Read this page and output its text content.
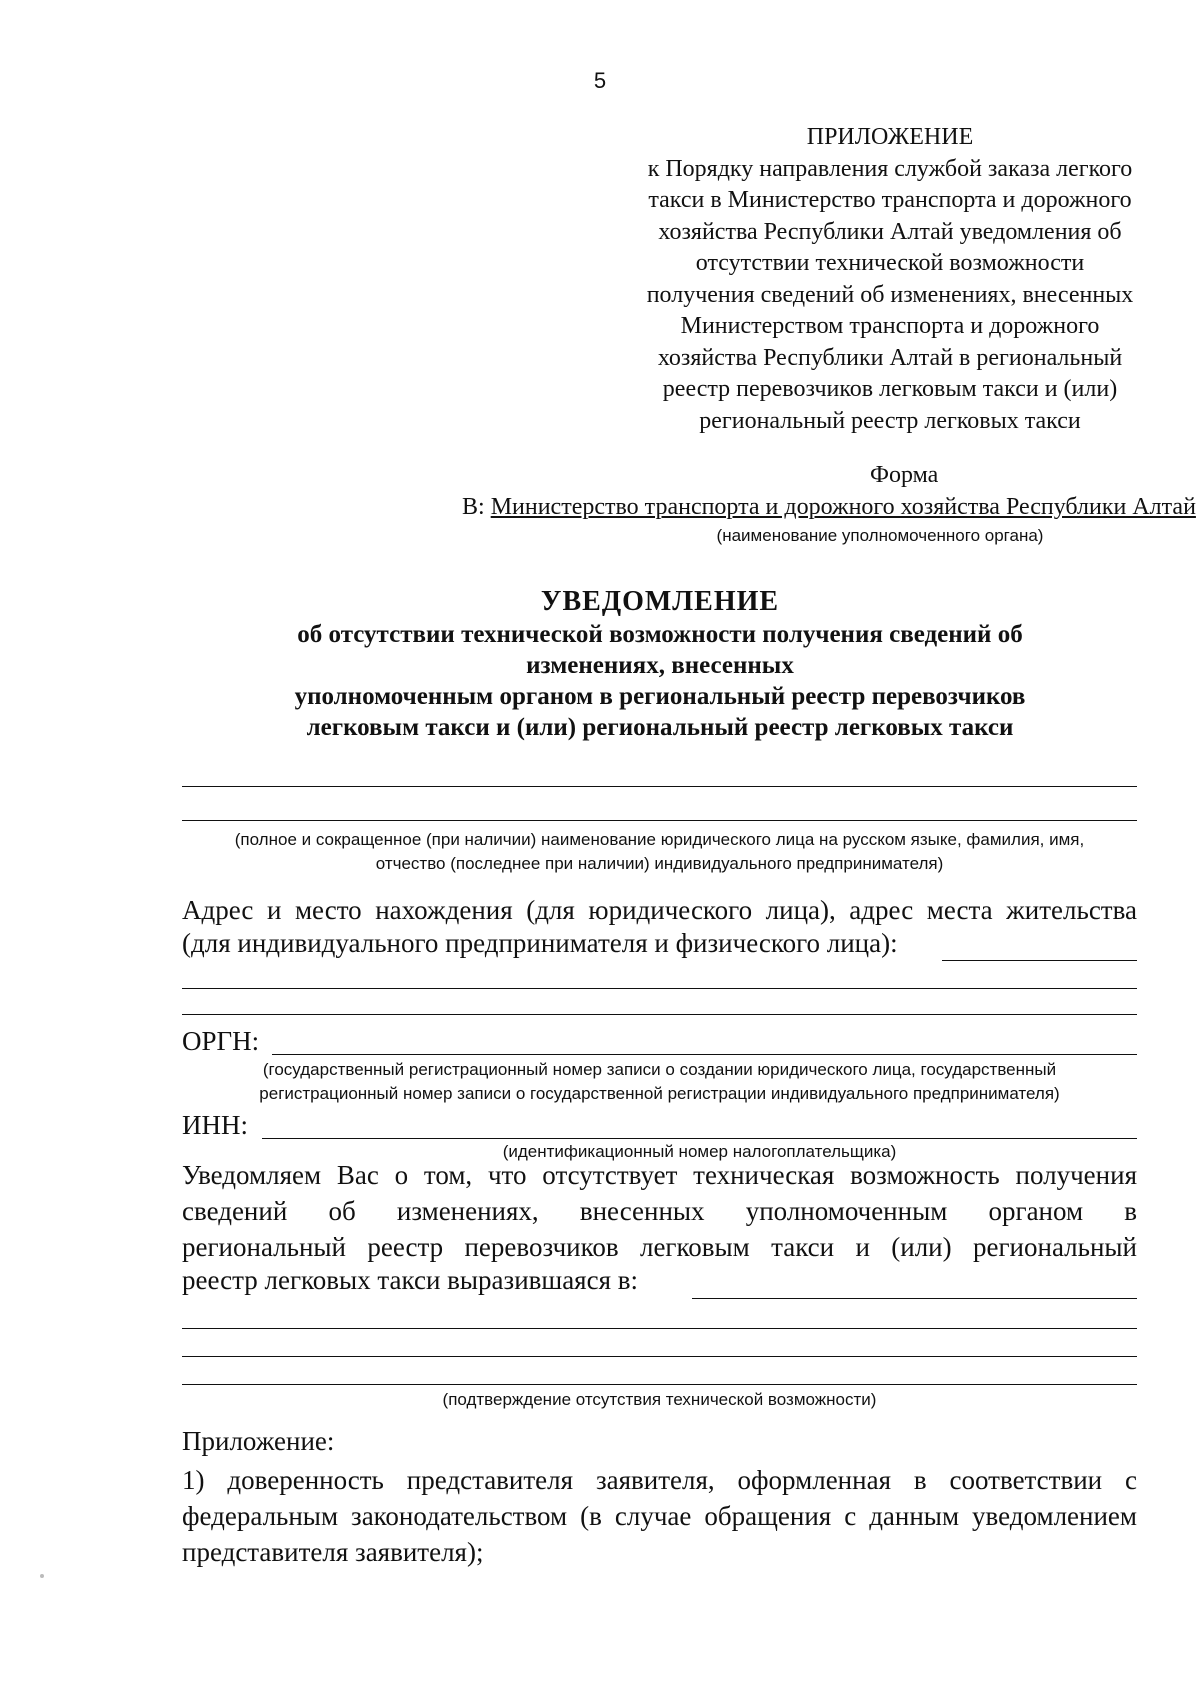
5
ПРИЛОЖЕНИЕ
к Порядку направления службой заказа легкого
такси в Министерство транспорта и дорожного
хозяйства Республики Алтай уведомления об
отсутствии технической возможности
получения сведений об изменениях, внесенных
Министерством транспорта и дорожного
хозяйства Республики Алтай в региональный
реестр перевозчиков легковым такси и (или)
региональный реестр легковых такси
Форма
В: Министерство транспорта и дорожного хозяйства Республики Алтай
(наименование уполномоченного органа)
УВЕДОМЛЕНИЕ
об отсутствии технической возможности получения сведений об
изменениях, внесенных
уполномоченным органом в региональный реестр перевозчиков
легковым такси и (или) региональный реестр легковых такси
(полное и сокращенное (при наличии) наименование юридического лица на русском языке, фамилия, имя,
отчество (последнее при наличии) индивидуального предпринимателя)
Адрес и место нахождения (для юридического лица), адрес места жительства
(для индивидуального предпринимателя и физического лица):
ОРГН:
(государственный регистрационный номер записи о создании юридического лица, государственный
регистрационный номер записи о государственной регистрации индивидуального предпринимателя)
ИНН:
(идентификационный номер налогоплательщика)
Уведомляем Вас о том, что отсутствует техническая возможность получения
сведений об изменениях, внесенных уполномоченным органом в
региональный реестр перевозчиков легковым такси и (или) региональный
реестр легковых такси выразившаяся в:
(подтверждение отсутствия технической возможности)
Приложение:
1) доверенность представителя заявителя, оформленная в соответствии с
федеральным законодательством (в случае обращения с данным уведомлением
представителя заявителя);
